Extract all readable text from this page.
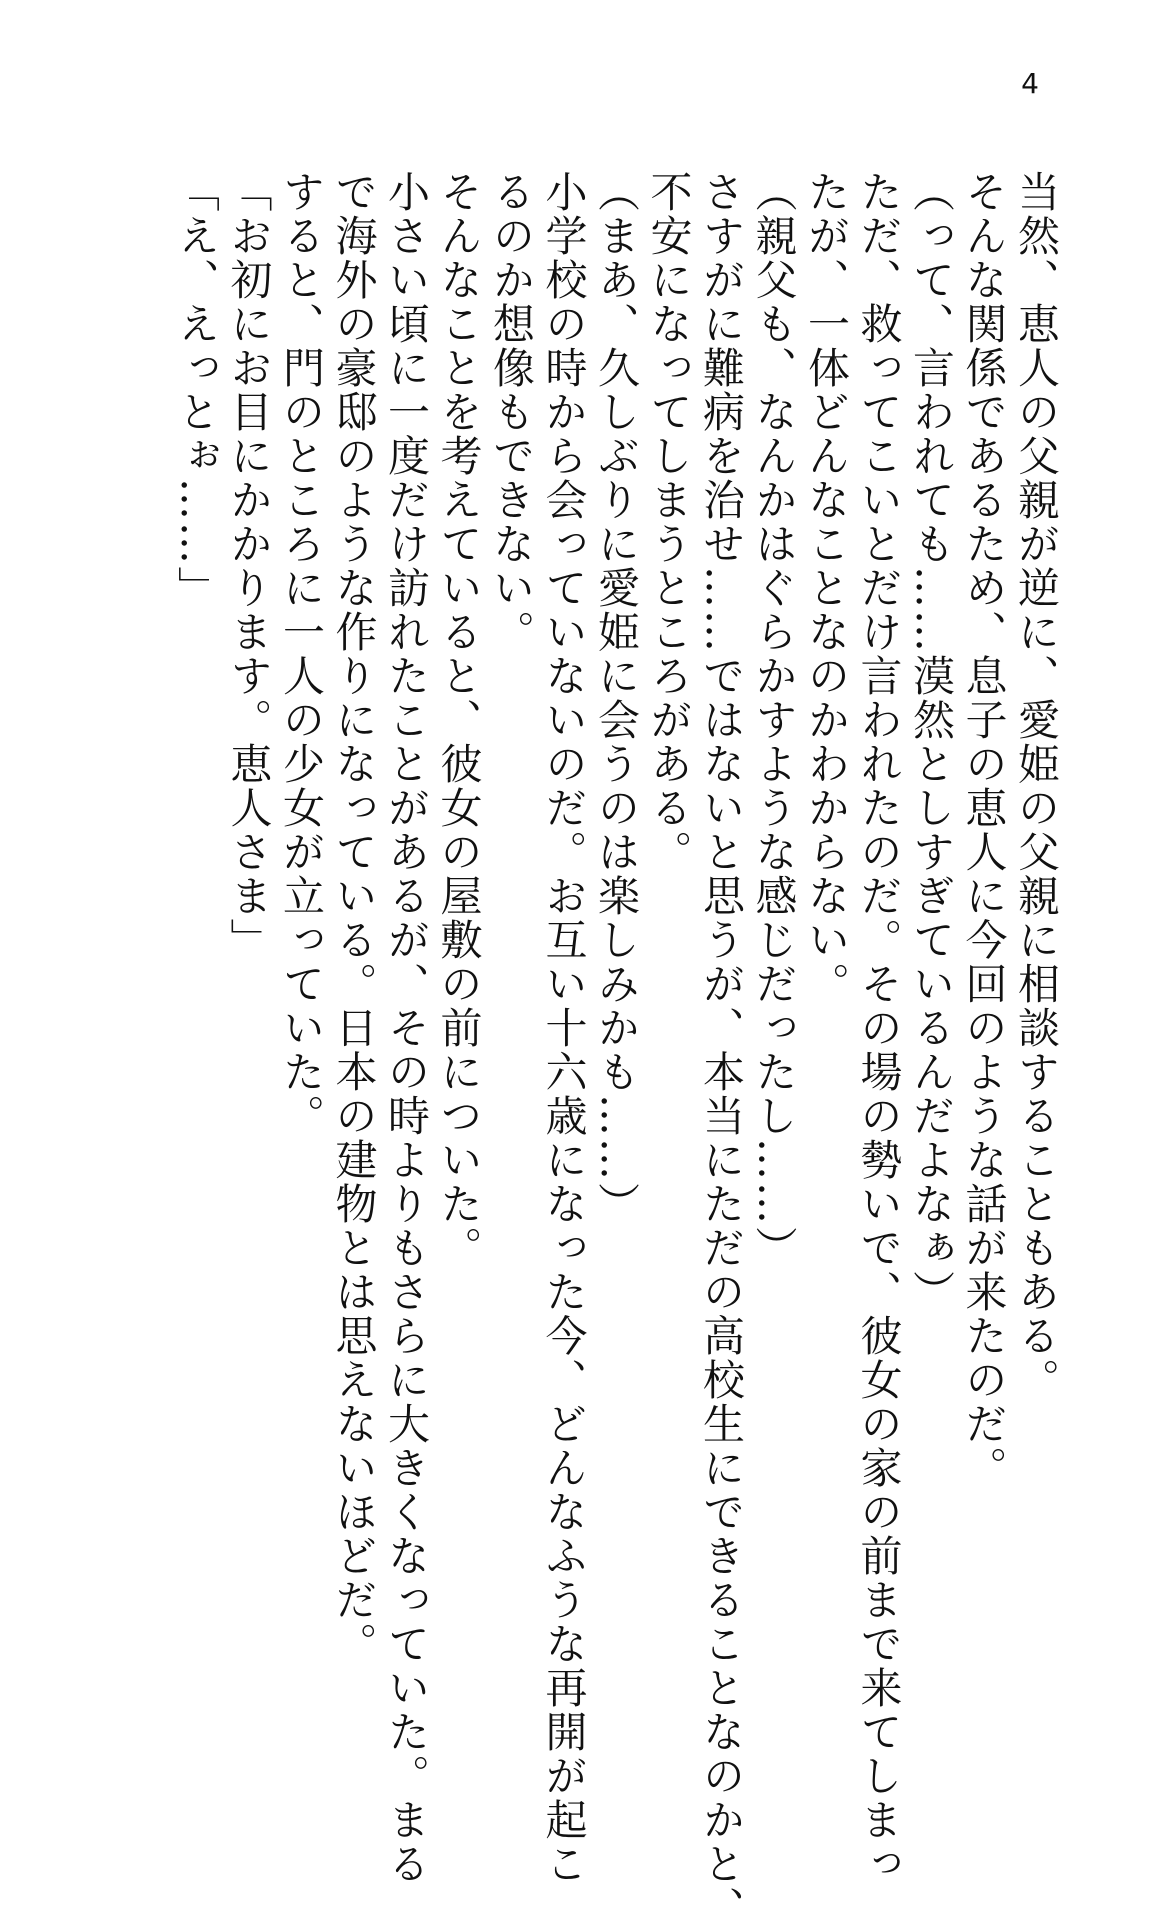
4

当然、恵人の父親が逆に、愛姫の父親に相談することもある。

そんな関係であるため、息子の恵人に今回のような話が来たのだ。

（って、言われても……漠然としすぎているんだよなぁ）

ただ、救ってこいとだけ言われたのだ。その場の勢いで、彼女の家の前まで来てしまっ

たが、一体どんなことなのかわからない。

（親父も、なんかはぐらかすような感じだったし……）

さすがに難病を治せ……ではないと思うが、本当にただの高校生にできることなのかと、

不安になってしまうところがある。

（まあ、久しぶりに愛姫に会うのは楽しみかも……）

小学校の時から会っていないのだ。お互い十六歳になった今、どんなふうな再開が起こ

るのか想像もできない。

そんなことを考えていると、彼女の屋敷の前についた。

小さい頃に一度だけ訪れたことがあるが、その時よりもさらに大きくなっていた。まる

で海外の豪邸のような作りになっている。日本の建物とは思えないほどだ。

すると、門のところに一人の少女が立っていた。

「お初にお目にかかります。恵人さま」

「え、えっとぉ……」
